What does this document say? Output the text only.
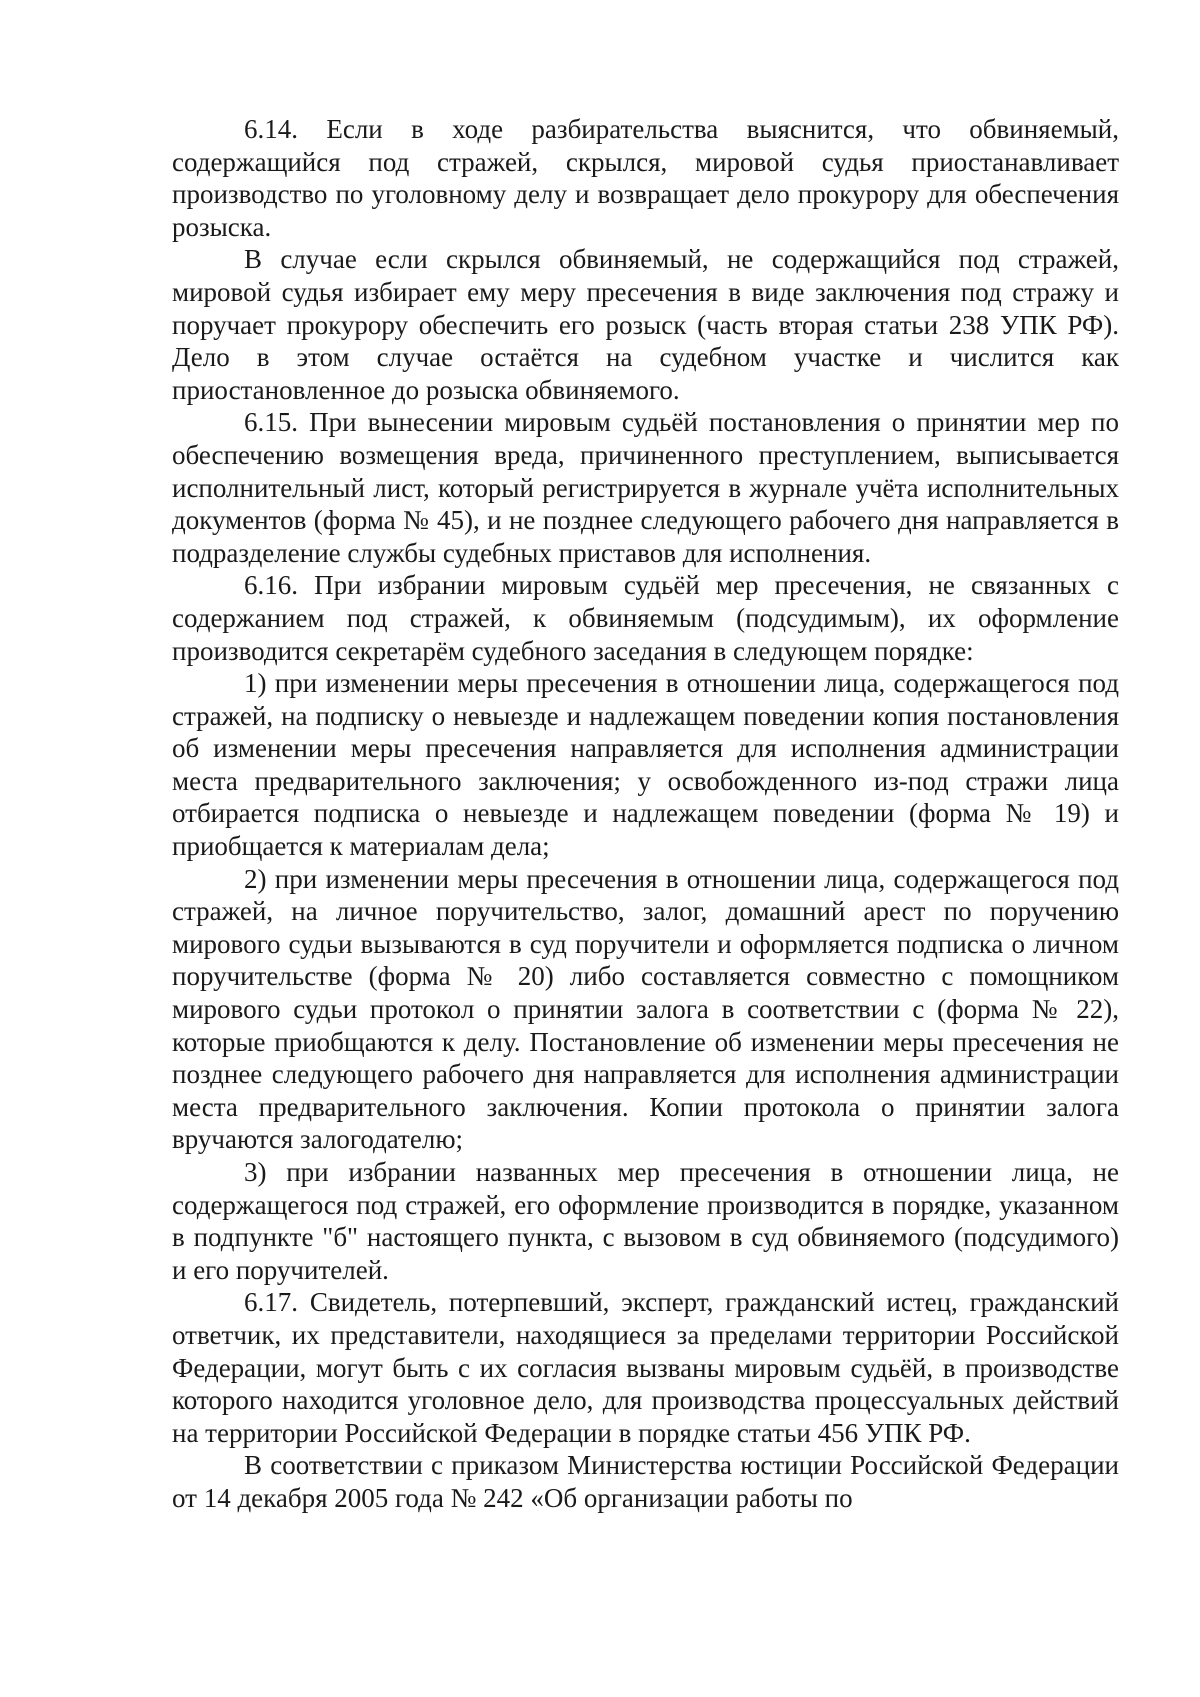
6.14. Если в ходе разбирательства выяснится, что обвиняемый, содержащийся под стражей, скрылся, мировой судья приостанавливает производство по уголовному делу и возвращает дело прокурору для обеспечения розыска.

В случае если скрылся обвиняемый, не содержащийся под стражей, мировой судья избирает ему меру пресечения в виде заключения под стражу и поручает прокурору обеспечить его розыск (часть вторая статьи 238 УПК РФ). Дело в этом случае остаётся на судебном участке и числится как приостановленное до розыска обвиняемого.

6.15. При вынесении мировым судьёй постановления о принятии мер по обеспечению возмещения вреда, причиненного преступлением, выписывается исполнительный лист, который регистрируется в журнале учёта исполнительных документов (форма № 45), и не позднее следующего рабочего дня направляется в подразделение службы судебных приставов для исполнения.

6.16. При избрании мировым судьёй мер пресечения, не связанных с содержанием под стражей, к обвиняемым (подсудимым), их оформление производится секретарём судебного заседания в следующем порядке:

1) при изменении меры пресечения в отношении лица, содержащегося под стражей, на подписку о невыезде и надлежащем поведении копия постановления об изменении меры пресечения направляется для исполнения администрации места предварительного заключения; у освобожденного из-под стражи лица отбирается подписка о невыезде и надлежащем поведении (форма № 19) и приобщается к материалам дела;

2) при изменении меры пресечения в отношении лица, содержащегося под стражей, на личное поручительство, залог, домашний арест по поручению мирового судьи вызываются в суд поручители и оформляется подписка о личном поручительстве (форма № 20) либо составляется совместно с помощником мирового судьи протокол о принятии залога в соответствии с (форма № 22), которые приобщаются к делу. Постановление об изменении меры пресечения не позднее следующего рабочего дня направляется для исполнения администрации места предварительного заключения. Копии протокола о принятии залога вручаются залогодателю;

3) при избрании названных мер пресечения в отношении лица, не содержащегося под стражей, его оформление производится в порядке, указанном в подпункте "б" настоящего пункта, с вызовом в суд обвиняемого (подсудимого) и его поручителей.

6.17. Свидетель, потерпевший, эксперт, гражданский истец, гражданский ответчик, их представители, находящиеся за пределами территории Российской Федерации, могут быть с их согласия вызваны мировым судьёй, в производстве которого находится уголовное дело, для производства процессуальных действий на территории Российской Федерации в порядке статьи 456 УПК РФ.

В соответствии с приказом Министерства юстиции Российской Федерации от 14 декабря 2005 года № 242 «Об организации работы по
